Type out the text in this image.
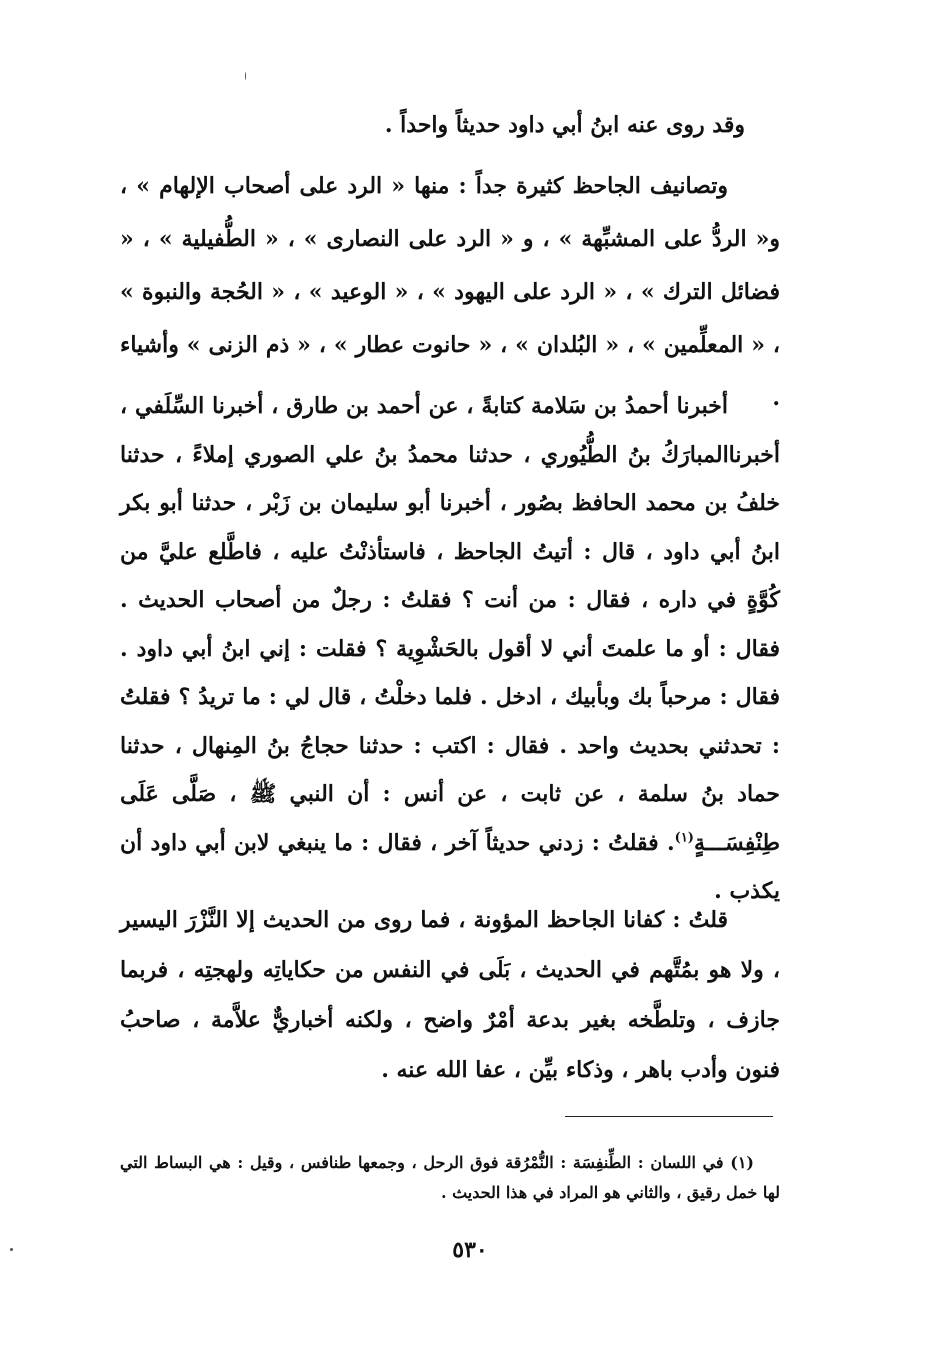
وقد روى عنه ابنُ أبي داود حديثاً واحداً .

وتصانيف الجاحظ كثيرة جداً : منها « الرد على أصحاب الإلهام » ، و« الردُّ على المشبِّهة » ، و « الرد على النصارى » ، « الطُّفيلية » ، « فضائل الترك » ، « الرد على اليهود » ، « الوعيد » ، « الحُجة والنبوة » ، « المعلِّمين » ، « البُلدان » ، « حانوت عطار » ، « ذم الزنى » وأشياء .

أخبرنا أحمدُ بن سَلامة كتابةً ، عن أحمد بن طارق ، أخبرنا السِّلَفي ، أخبرناالمبارَكُ بنُ الطُّيُوري ، حدثنا محمدُ بنُ علي الصوري إملاءً ، حدثنا خلفُ بن محمد الحافظ بصُور ، أخبرنا أبو سليمان بن زَبْر ، حدثنا أبو بكر ابنُ أبي داود ، قال : أتيتُ الجاحظ ، فاستأذنْتُ عليه ، فاطَّلع عليَّ من كُوَّةٍ في داره ، فقال : من أنت ؟ فقلتُ : رجلٌ من أصحاب الحديث . فقال : أو ما علمتَ أني لا أقول بالحَشْوِية ؟ فقلت : إني ابنُ أبي داود . فقال : مرحباً بك وبأبيك ، ادخل . فلما دخلْتُ ، قال لي : ما تريدُ ؟ فقلتُ : تحدثني بحديث واحد . فقال : اكتب : حدثنا حجاجُ بنُ المِنهال ، حدثنا حماد بنُ سلمة ، عن ثابت ، عن أنس : أن النبي ﷺ ، صَلَّى عَلَى طِنْفِسَـــةٍ$^{(١)}$. فقلتُ : زدني حديثاً آخر ، فقال : ما ينبغي لابن أبي داود أن يكذب .

قلتُ : كفانا الجاحظ المؤونة ، فما روى من الحديث إلا النَّزْرَ اليسير ، ولا هو بمُتَّهم في الحديث ، بَلَى في النفس من حكاياتِه ولهجتِه ، فربما جازف ، وتلطَّخه بغير بدعة أمْرٌ واضح ، ولكنه أخباريٌّ علاَّمة ، صاحبُ فنون وأدب باهر ، وذكاء بيِّن ، عفا الله عنه .

(١) في اللسان : الطِّنفِسَة : النُّمْرُقة فوق الرحل ، وجمعها طنافس ، وقيل : هي البساط التي لها خمل رقيق ، والثاني هو المراد في هذا الحديث .

٥٣٠
